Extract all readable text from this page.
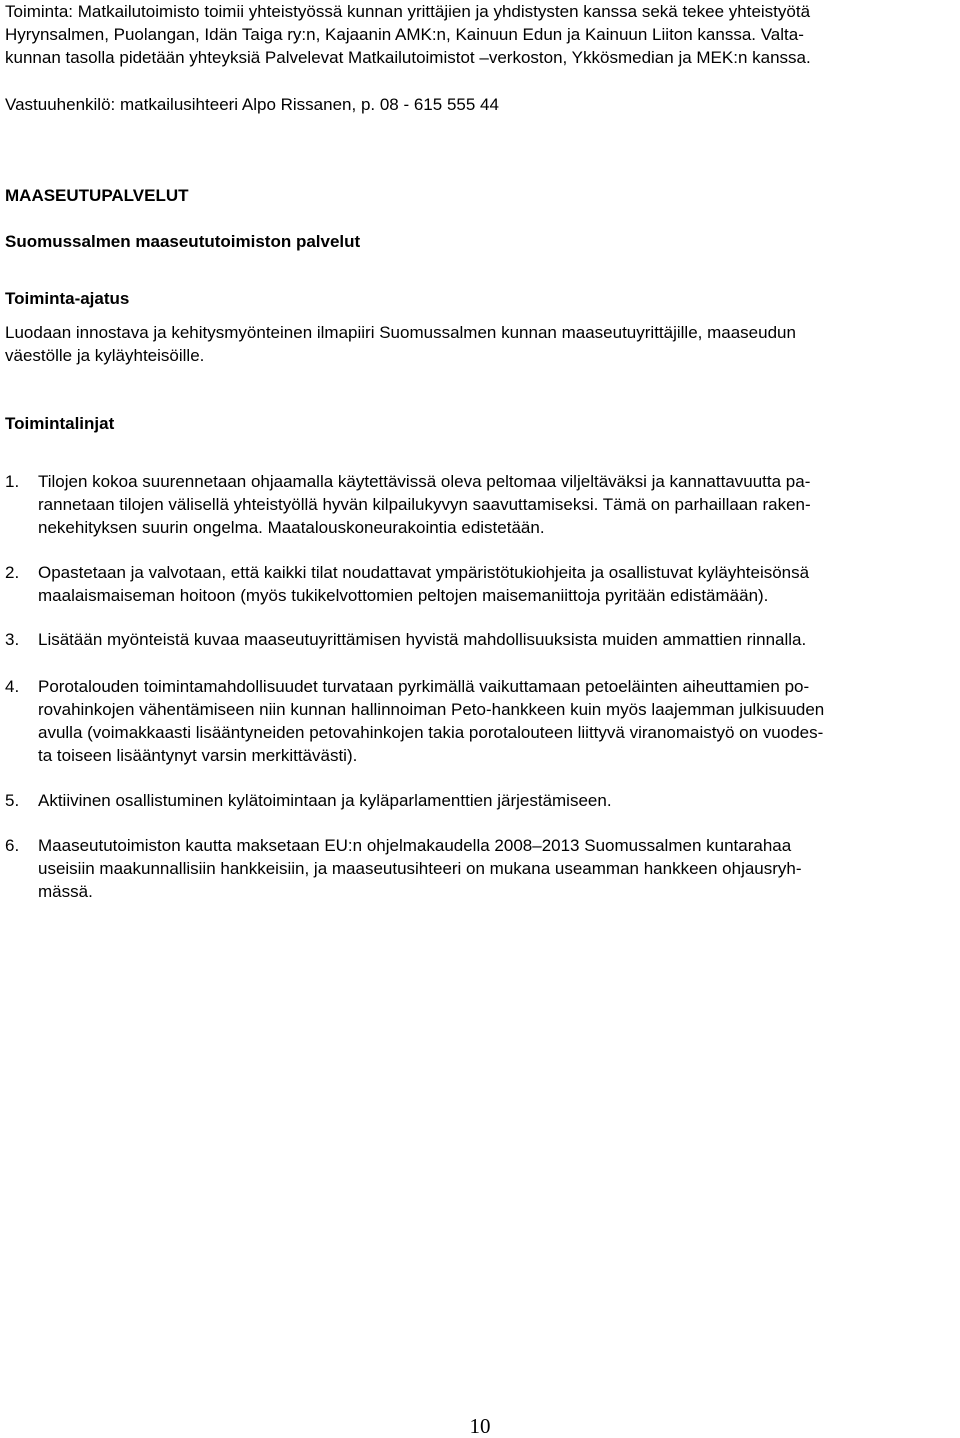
Toiminta: Matkailutoimisto toimii yhteistyössä kunnan yrittäjien ja yhdistysten kanssa sekä tekee yhteistyötä
Hyrynsalmen, Puolangan, Idän Taiga ry:n, Kajaanin AMK:n, Kainuun Edun ja Kainuun Liiton kanssa. Valta-
kunnan tasolla pidetään yhteyksiä Palvelevat Matkailutoimistot –verkoston, Ykkösmedian ja MEK:n kanssa.
Vastuuhenkilö: matkailusihteeri Alpo Rissanen, p. 08 - 615 555 44
MAASEUTUPALVELUT
Suomussalmen maaseututoimiston palvelut
Toiminta-ajatus
Luodaan innostava ja kehitysmyönteinen ilmapiiri Suomussalmen kunnan maaseutuyrittäjille, maaseudun
väestölle ja kyläyhteisöille.
Toimintalinjat
1. Tilojen kokoa suurennetaan ohjaamalla käytettävissä oleva peltomaa viljeltäväksi ja kannattavuutta pa-
rannetaan tilojen välisellä yhteistyöllä hyvän kilpailukyvyn saavuttamiseksi. Tämä on parhaillaan raken-
nekehityksen suurin ongelma. Maatalouskoneurakointia edistetään.
2. Opastetaan ja valvotaan, että kaikki tilat noudattavat ympäristötukiohjeita ja osallistuvat kyläyhteisönsä
maalaismaiseman hoitoon (myös tukikelvottomien peltojen maisemaniittoja pyritään edistämään).
3. Lisätään myönteistä kuvaa maaseutuyrittämisen hyvistä mahdollisuuksista muiden ammattien rinnalla.
4. Porotalouden toimintamahdollisuudet turvataan pyrkimällä vaikuttamaan petoeläinten aiheuttamien po-
rovahinkojen vähentämiseen niin kunnan hallinnoiman Peto-hankkeen kuin myös laajemman julkisuuden
avulla (voimakkaasti lisääntyneiden petovahinkojen takia porotalouteen liittyvä viranomaistyö on vuodes-
ta toiseen lisääntynyt varsin merkittävästi).
5. Aktiivinen osallistuminen kylätoimintaan ja kyläparlamenttien järjestämiseen.
6. Maaseututoimiston kautta maksetaan EU:n ohjelmakaudella 2008–2013 Suomussalmen kuntarahaa
useisiin maakunnallisiin hankkeisiin, ja maaseutusihteeri on mukana useamman hankkeen ohjausryh-
mässä.
10
